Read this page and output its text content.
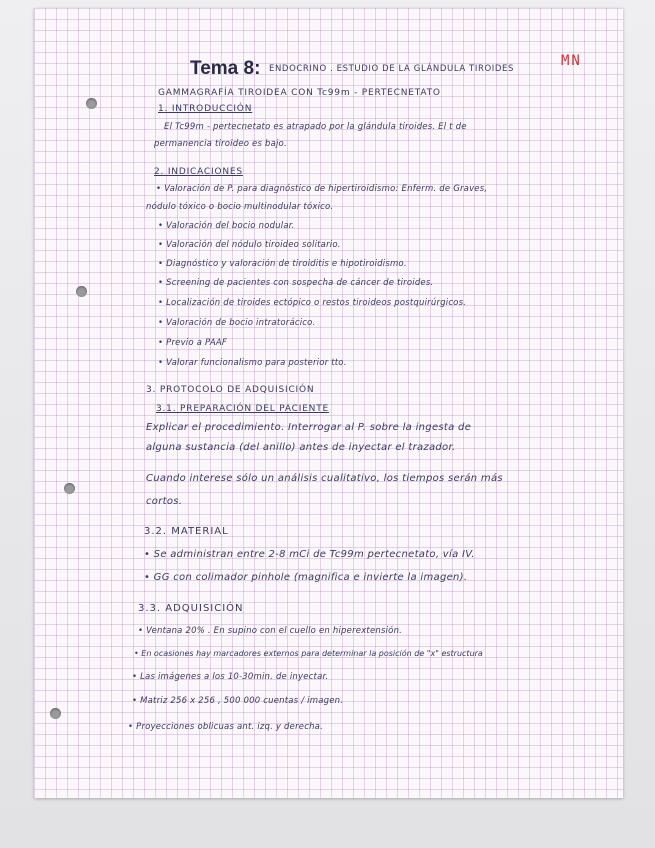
MN
Tema 8: ENDOCRINO . ESTUDIO DE LA GLÁNDULA TIROIDES
GAMMAGRAFÍA TIROIDEA CON Tc99m - PERTECNETATO
1. INTRODUCCIÓN
El Tc99m - pertecnetato es atrapado por la glándula tiroides. El t de
permanencia tiroideo es bajo.
2. INDICACIONES
• Valoración de P. para diagnóstico de hipertiroidismo: Enferm. de Graves,
nódulo tóxico o bocio multinodular tóxico.
• Valoración del bocio nodular.
• Valoración del nódulo tiroideo solitario.
• Diagnóstico y valoración de tiroiditis e hipotiroidismo.
• Screening de pacientes con sospecha de cáncer de tiroides.
• Localización de tiroides ectópico o restos tiroideos postquirúrgicos.
• Valoración de bocio intratorácico.
• Previo a PAAF
• Valorar funcionalismo para posterior tto.
3. PROTOCOLO DE ADQUISICIÓN
3.1. PREPARACIÓN DEL PACIENTE
Explicar el procedimiento. Interrogar al P. sobre la ingesta de
alguna sustancia (del anillo) antes de inyectar el trazador.
Cuando interese sólo un análisis cualitativo, los tiempos serán más
cortos.
3.2. MATERIAL
• Se administran entre 2-8 mCi de Tc99m pertecnetato, vía IV.
• GG con colimador pinhole (magnifica e invierte la imagen).
3.3. ADQUISICIÓN
• Ventana 20% . En supino con el cuello en hiperextensión.
• En ocasiones hay marcadores externos para determinar la posición de "x" estructura
• Las imágenes a los 10-30min. de inyectar.
• Matriz 256 x 256 , 500 000 cuentas / imagen.
• Proyecciones oblicuas ant. izq. y derecha.
